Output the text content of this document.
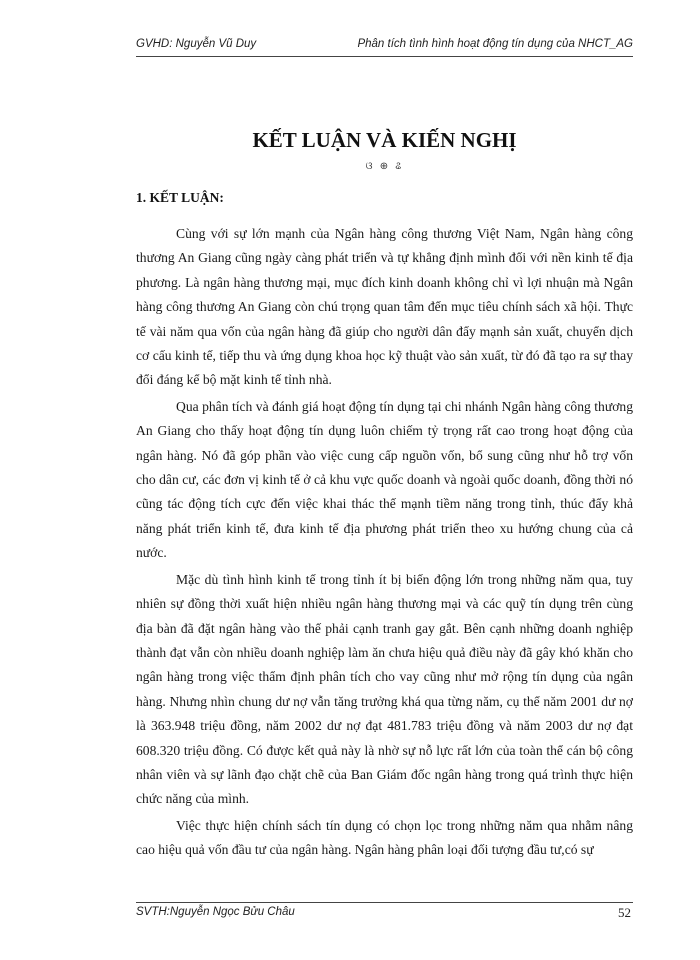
GVHD: Nguyễn Vũ Duy	Phân tích tình hình hoạt động tín dụng của NHCT_AG
KẾT LUẬN VÀ KIẾN NGHỊ
ଓ ⊕ ଌ
1. KẾT LUẬN:

Cùng với sự lớn mạnh của Ngân hàng công thương Việt Nam, Ngân hàng công thương An Giang cũng ngày càng phát triển và tự khẳng định mình đối với nền kinh tế địa phương. Là ngân hàng thương mại, mục đích kinh doanh không chỉ vì lợi nhuận mà Ngân hàng công thương An Giang còn chú trọng quan tâm đến mục tiêu chính sách xã hội. Thực tế vài năm qua vốn của ngân hàng đã giúp cho người dân đẩy mạnh sản xuất, chuyển dịch cơ cấu kinh tế, tiếp thu và ứng dụng khoa học kỹ thuật vào sản xuất, từ đó đã tạo ra sự thay đổi đáng kể bộ mặt kinh tế tỉnh nhà.

Qua phân tích và đánh giá hoạt động tín dụng tại chi nhánh Ngân hàng công thương An Giang cho thấy hoạt động tín dụng luôn chiếm tỷ trọng rất cao trong hoạt động của ngân hàng. Nó đã góp phần vào việc cung cấp nguồn vốn, bổ sung cũng như hỗ trợ vốn cho dân cư, các đơn vị kinh tế ở cả khu vực quốc doanh và ngoài quốc doanh, đồng thời nó cũng tác động tích cực đến việc khai thác thế mạnh tiềm năng trong tỉnh, thúc đẩy khả năng phát triển kinh tế, đưa kinh tế địa phương phát triển theo xu hướng chung của cả nước.

Mặc dù tình hình kinh tế trong tỉnh ít bị biến động lớn trong những năm qua, tuy nhiên sự đồng thời xuất hiện nhiều ngân hàng thương mại và các quỹ tín dụng trên cùng địa bàn đã đặt ngân hàng vào thế phải cạnh tranh gay gắt. Bên cạnh những doanh nghiệp thành đạt vẫn còn nhiều doanh nghiệp làm ăn chưa hiệu quả điều này đã gây khó khăn cho ngân hàng trong việc thẩm định phân tích cho vay cũng như mở rộng tín dụng của ngân hàng. Nhưng nhìn chung dư nợ vẫn tăng trưởng khá qua từng năm, cụ thể năm 2001 dư nợ là 363.948 triệu đồng, năm 2002 dư nợ đạt 481.783 triệu đồng và năm 2003 dư nợ đạt 608.320 triệu đồng. Có được kết quả này là nhờ sự nỗ lực rất lớn của toàn thể cán bộ công nhân viên và sự lãnh đạo chặt chẽ của Ban Giám đốc ngân hàng trong quá trình thực hiện chức năng của mình.

Việc thực hiện chính sách tín dụng có chọn lọc trong những năm qua nhằm nâng cao hiệu quả vốn đầu tư của ngân hàng. Ngân hàng phân loại đối tượng đầu tư,có sự

SVTH:Nguyễn Ngọc Bửu Châu	52
